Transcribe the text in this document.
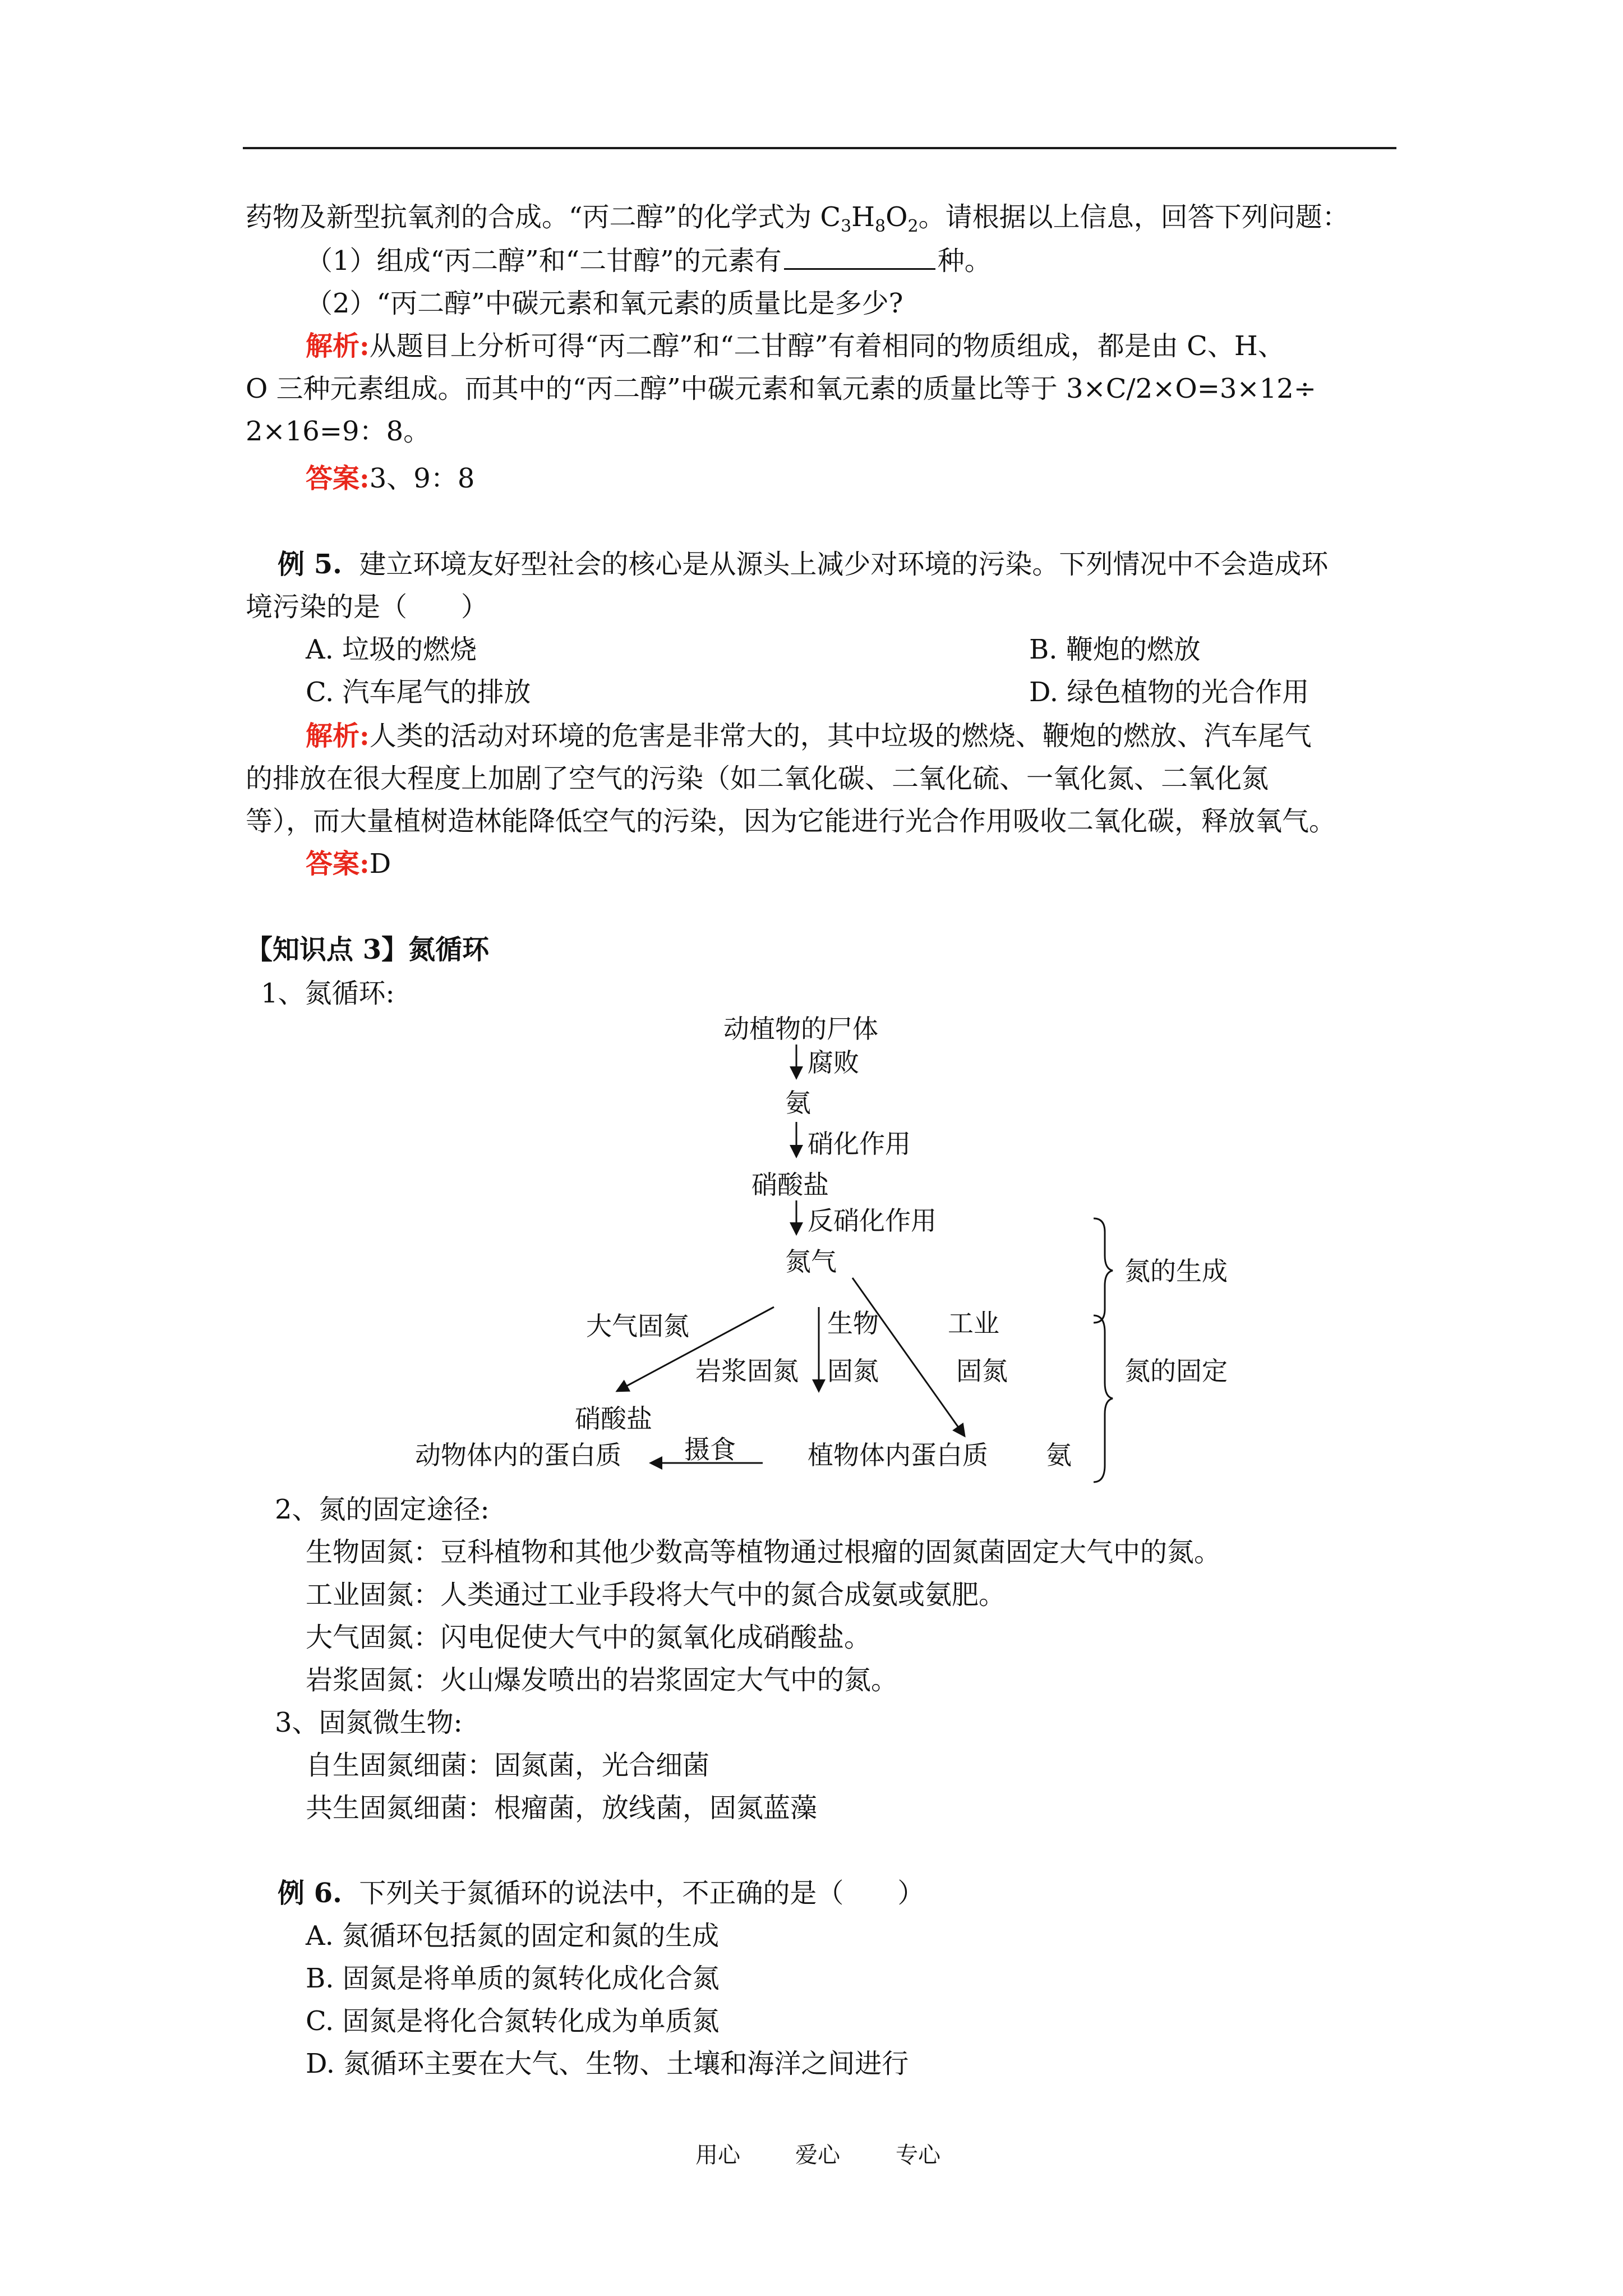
药物及新型抗氧剂的合成。“丙二醇”的化学式为 $C_3H_8O_2$。请根据以上信息，回答下列问题：
（1）组成“丙二醇”和“二甘醇”的元素有	种。
（2）“丙二醇”中碳元素和氧元素的质量比是多少?
解析:从题目上分析可得“丙二醇”和“二甘醇”有着相同的物质组成，都是由 C、H、
O 三种元素组成。而其中的“丙二醇”中碳元素和氧元素的质量比等于 3×C/2×O=3×12÷
2×16=9：8。
答案:3、9：8
例 5. 建立环境友好型社会的核心是从源头上减少对环境的污染。下列情况中不会造成环
境污染的是（　　）
A. 垃圾的燃烧	B. 鞭炮的燃放
C. 汽车尾气的排放	D. 绿色植物的光合作用
解析:人类的活动对环境的危害是非常大的，其中垃圾的燃烧、鞭炮的燃放、汽车尾气
的排放在很大程度上加剧了空气的污染（如二氧化碳、二氧化硫、一氧化氮、二氧化氮
等），而大量植树造林能降低空气的污染，因为它能进行光合作用吸收二氧化碳，释放氧气。
答案:D
【知识点 3】氮循环
1、氮循环:
动植物的尸体
腐败
氨
硝化作用
硝酸盐
反硝化作用
氮气
大气固氮
岩浆固氮
生物
固氮
工业
固氮
硝酸盐
动物体内的蛋白质 摄食	植物体内蛋白质 氨
氮的生成
氮的固定
2、氮的固定途径:
生物固氮：豆科植物和其他少数高等植物通过根瘤的固氮菌固定大气中的氮。
工业固氮：人类通过工业手段将大气中的氮合成氨或氨肥。
大气固氮：闪电促使大气中的氮氧化成硝酸盐。
岩浆固氮：火山爆发喷出的岩浆固定大气中的氮。
3、固氮微生物:
自生固氮细菌：固氮菌，光合细菌
共生固氮细菌：根瘤菌，放线菌，固氮蓝藻
例 6. 下列关于氮循环的说法中，不正确的是（　　）
A. 氮循环包括氮的固定和氮的生成
B. 固氮是将单质的氮转化成化合氮
C. 固氮是将化合氮转化成为单质氮
D. 氮循环主要在大气、生物、土壤和海洋之间进行
用心 爱心 专心
